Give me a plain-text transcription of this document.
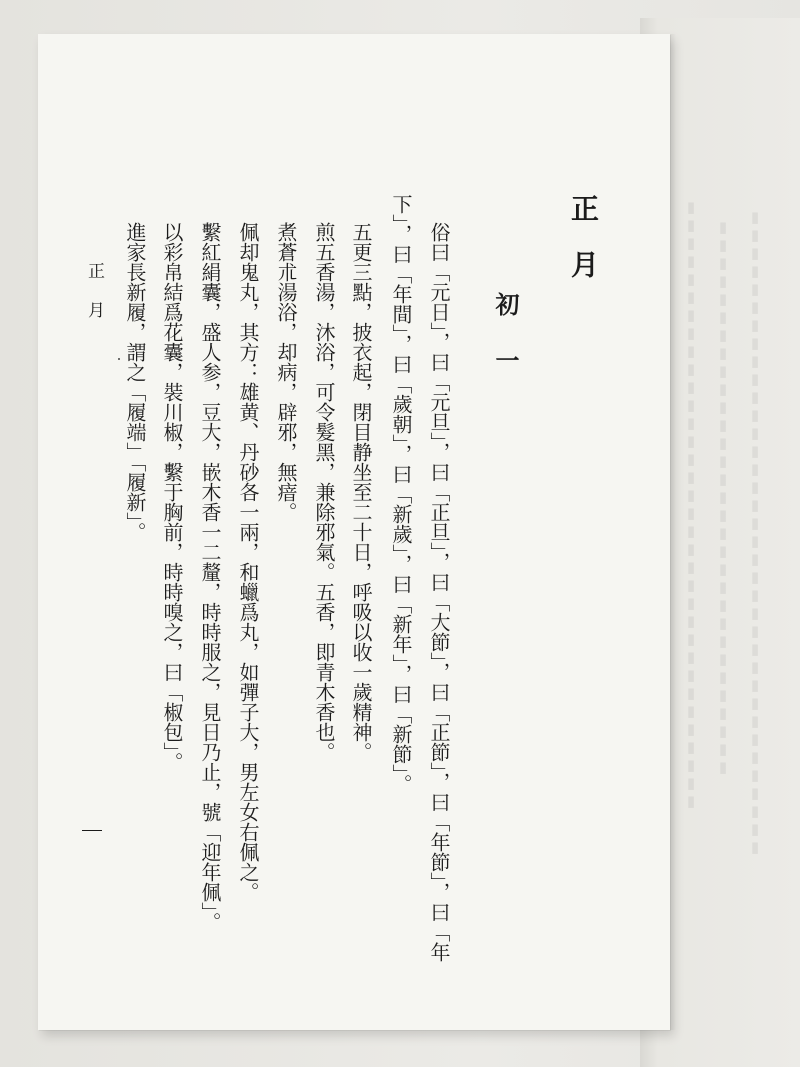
▮▮▮▮▮▮▮▮▮▮▮▮▮▮▮▮▮▮▮▮▮▮▮▮▮▮▮▮▮▮▮▮▮▮ ▮▮▮▮▮▮▮▮▮▮▮▮▮▮▮▮▮▮▮▮▮▮▮▮▮▮▮▮▮▮▮ ▮▮▮▮▮▮▮▮▮▮▮▮▮▮▮▮▮▮▮▮▮▮▮▮▮▮▮▮▮▮▮▮▮▮▮▮
正月
初一
俗曰「元日」，曰「元旦」，曰「正旦」，曰「大節」，曰「正節」，曰「年節」，曰「年
下」，曰「年間」，曰「歲朝」，曰「新歲」，曰「新年」，曰「新節」。
五更三點，披衣起，閉目静坐至二十日，呼吸以收一歲精神。
煎五香湯，沐浴，可令髮黑，兼除邪氣。五香，即青木香也。
煮蒼朮湯浴，却病，辟邪，無瘖。
佩却鬼丸，其方：雄黄、丹砂各一兩，和蠟爲丸，如彈子大，男左女右佩之。
繫紅絹囊，盛人参，豆大，嵌木香一二釐，時時服之，見日乃止，號「迎年佩」。
以彩帛結爲花囊，裝川椒，繫于胸前，時時嗅之，曰「椒包」。
進家長新履，謂之「履端」「履新」。
正月
